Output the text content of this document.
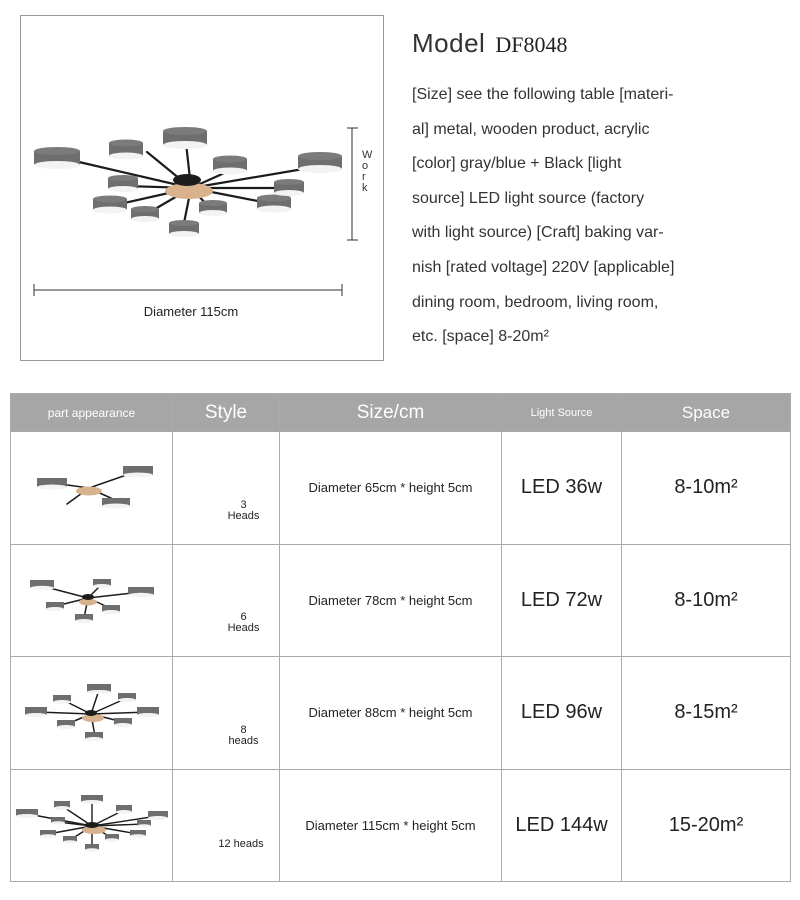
W
o
r
k
Diameter 115cm
Model DF8048
[Size] see the following table [materi-
al] metal, wooden product, acrylic
[color] gray/blue + Black [light
source] LED light source (factory
with light source) [Craft] baking var-
nish [rated voltage] 220V [applicable]
dining room, bedroom, living room,
etc. [space] 8-20m²
part appearance	Style	Size/cm	Light Source	Space

3
Heads	Diameter 65cm * height 5cm	LED 36w	8-10m²

6
Heads	Diameter 78cm * height 5cm	LED 72w	8-10m²

8
heads	Diameter 88cm * height 5cm	LED 96w	8-15m²

12 heads	Diameter 115cm * height 5cm	LED 144w	15-20m²
